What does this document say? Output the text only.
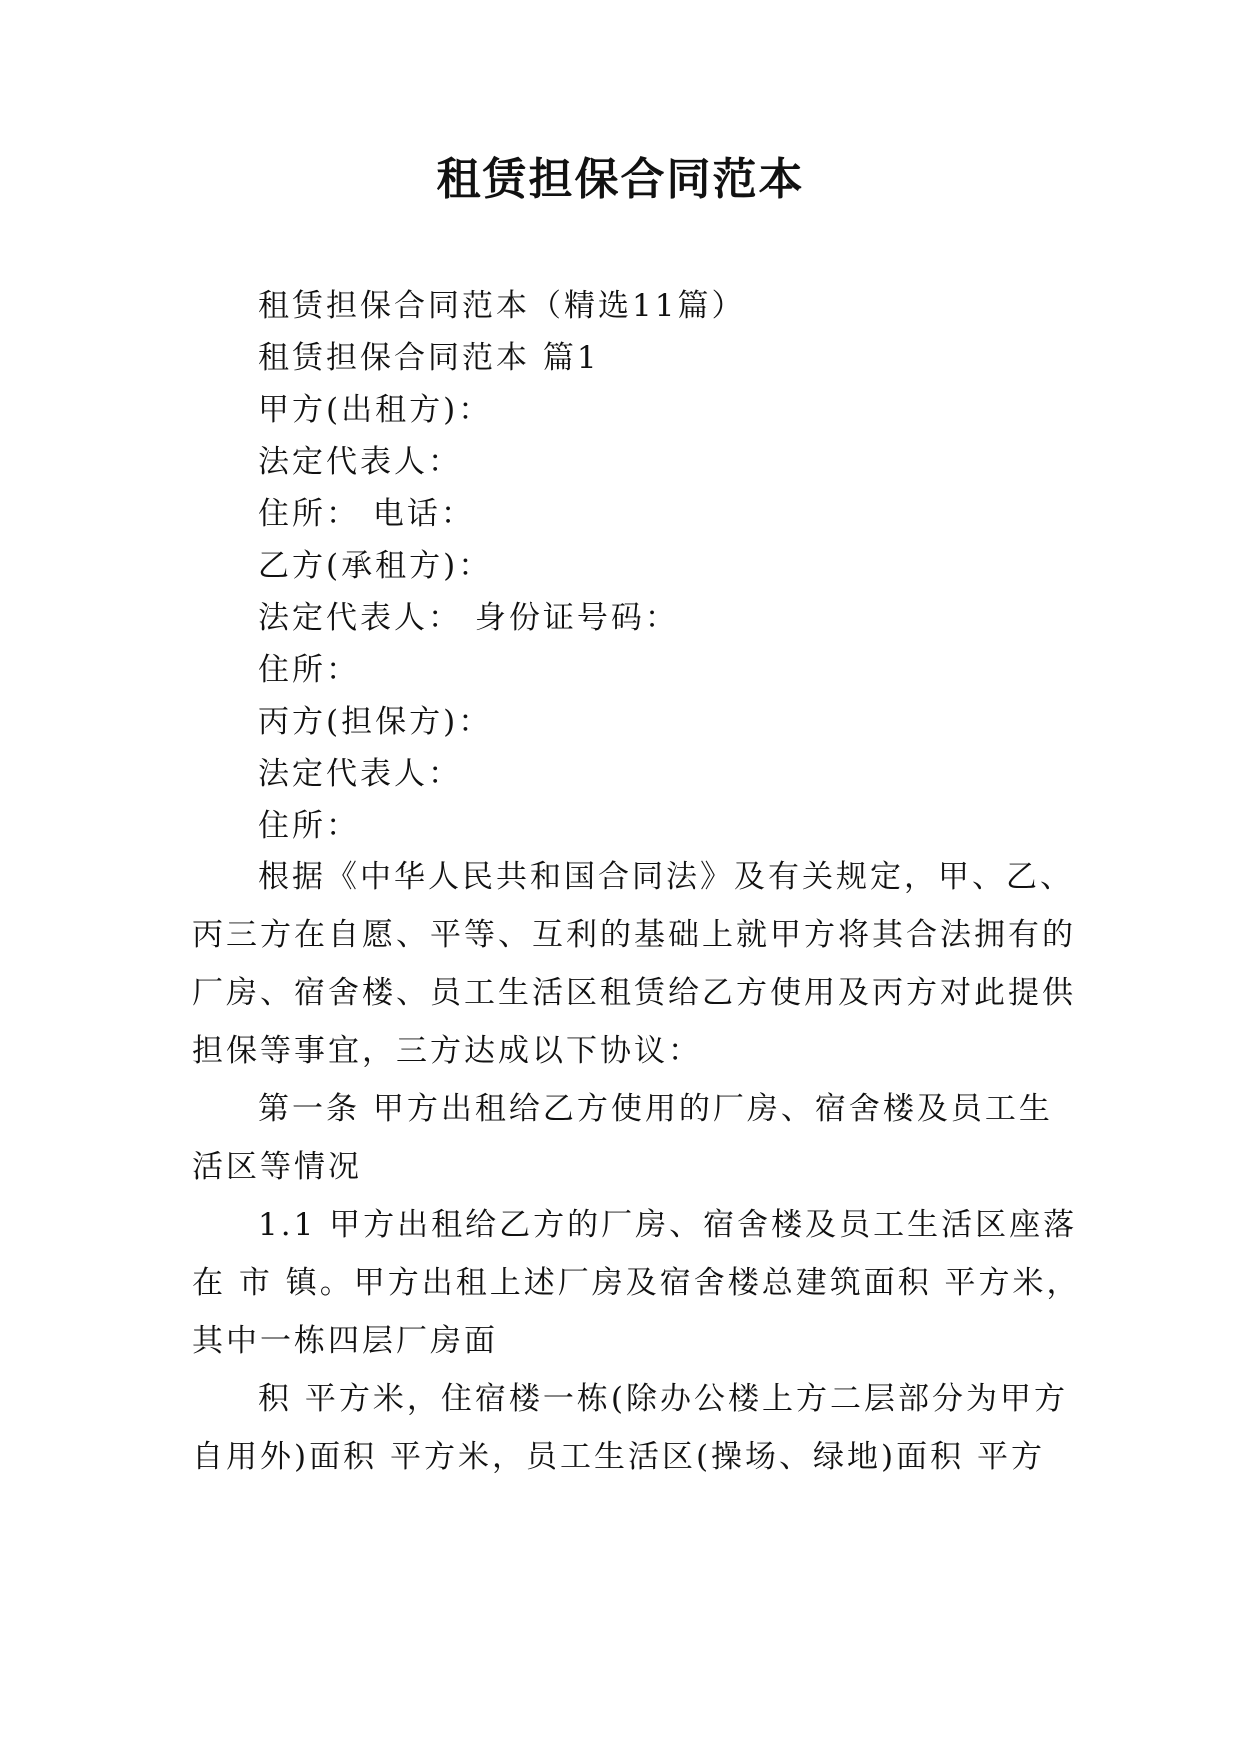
租赁担保合同范本
租赁担保合同范本（精选11篇）
租赁担保合同范本 篇1
甲方(出租方)：
法定代表人：
住所： 电话：
乙方(承租方)：
法定代表人： 身份证号码：
住所：
丙方(担保方)：
法定代表人：
住所：
根据《中华人民共和国合同法》及有关规定，甲、乙、
丙三方在自愿、平等、互利的基础上就甲方将其合法拥有的
厂房、宿舍楼、员工生活区租赁给乙方使用及丙方对此提供
担保等事宜，三方达成以下协议：
第一条 甲方出租给乙方使用的厂房、宿舍楼及员工生
活区等情况
1.1 甲方出租给乙方的厂房、宿舍楼及员工生活区座落
在 市 镇。甲方出租上述厂房及宿舍楼总建筑面积 平方米，
其中一栋四层厂房面
积 平方米，住宿楼一栋(除办公楼上方二层部分为甲方
自用外)面积 平方米，员工生活区(操场、绿地)面积 平方
